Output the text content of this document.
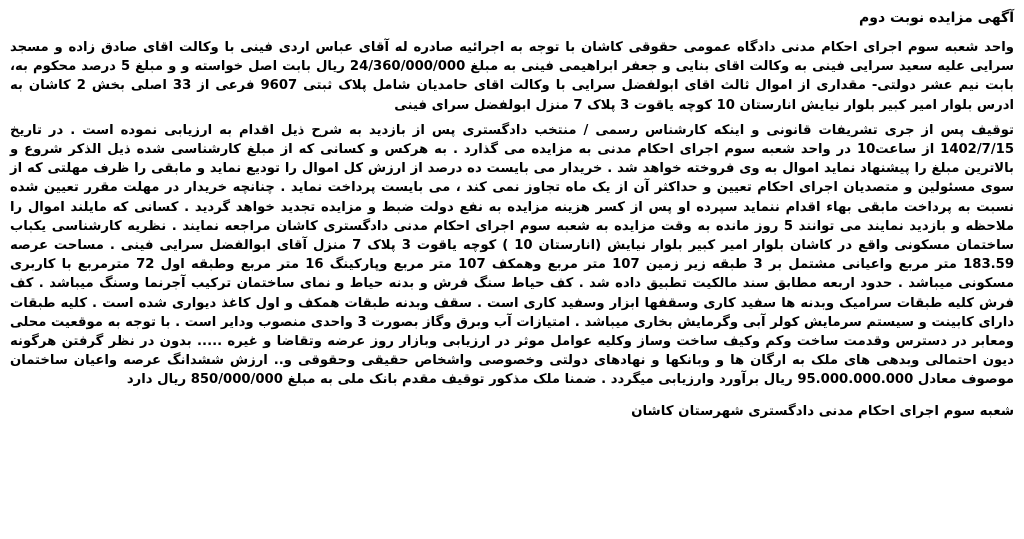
آگهی مزایده نوبت دوم

واحد شعبه سوم اجرای احکام مدنی دادگاه عمومی حقوقی کاشان با توجه به اجرائیه صادره له آقای عباس اردی فینی با وکالت اقای صادق زاده و مسجد سرایی علیه سعید سرایی فینی به وکالت اقای بنایی و جعفر ابراهیمی فینی به مبلغ 24/360/000/000 ریال بابت اصل خواسته و و مبلغ 5 درصد محکوم به، بابت نیم عشر دولتی- مقداری از اموال ثالث اقای ابولفضل سرایی با وکالت اقای حامدیان شامل پلاک ثبتی 9607 فرعی از 33 اصلی بخش 2 کاشان به ادرس بلوار امیر کبیر بلوار نیایش انارستان 10 کوچه یاقوت 3 پلاک 7 منزل ابولفضل سرای فینی

توقیف پس از جری تشریفات قانونی و اینکه کارشناس رسمی / منتخب دادگستری پس از بازدید به شرح ذیل اقدام به ارزیابی نموده است . در تاریخ 1402/7/15 از ساعت10 در واحد شعبه سوم اجرای احکام مدنی به مزایده می گذارد . به هرکس و کسانی که از مبلغ کارشناسی شده ذیل الذکر شروع و بالاترین مبلغ را پیشنهاد نماید اموال به وی فروخته خواهد شد . خریدار می بایست ده درصد از ارزش کل اموال را تودیع نماید و مابقی را ظرف مهلتی که از سوی مسئولین و متصدیان اجرای احکام تعیین و حداکثر آن از یک ماه تجاوز نمی کند ، می بایست پرداخت نماید . چنانچه خریدار در مهلت مقرر تعیین شده نسبت به پرداخت مابقی بهاء اقدام ننماید سپرده او پس از کسر هزینه مزایده به نفع دولت ضبط و مزایده تجدید خواهد گردید . کسانی که مایلند اموال را ملاحظه و بازدید نمایند می توانند 5 روز مانده به وقت مزایده به شعبه سوم اجرای احکام مدنی دادگستری کاشان مراجعه نمایند . نظریه کارشناسی یکباب ساختمان مسکونی واقع در کاشان بلوار امیر کبیر بلوار نیایش (انارستان 10 ) کوچه یاقوت 3 پلاک 7 منزل آقای ابوالفضل سرایی فینی . مساحت عرصه 183.59 متر مربع واعیانی مشتمل بر 3 طبقه زیر زمین 107 متر مربع وهمکف 107 متر مربع وپارکینگ 16 متر مربع وطبقه اول 72 مترمربع با کاربری مسکونی میباشد . حدود اربعه مطابق سند مالکیت تطبیق داده شد . کف حیاط سنگ فرش و بدنه حیاط و نمای ساختمان ترکیب آجرنما وسنگ میباشد . کف فرش کلیه طبقات سرامیک وبدنه ها سفید کاری وسقفها ابزار وسفید کاری است . سقف وبدنه طبقات همکف و اول کاغذ دیواری شده است . کلیه طبقات دارای کابینت و سیستم سرمایش کولر آبی وگرمایش بخاری میباشد . امتیازات آب وبرق وگاز بصورت 3 واحدی منصوب ودایر است . با توجه به موقعیت محلی ومعابر در دسترس وقدمت ساخت وکم وکیف ساخت وساز وکلیه عوامل موثر در ارزیابی وبازار روز عرضه وتقاضا و غیره ..... بدون در نظر گرفتن هرگونه دیون احتمالی وبدهی های ملک به ارگان ها و وبانکها و نهادهای دولتی وخصوصی واشخاص حقیقی وحقوقی و.. ارزش ششدانگ عرصه واعیان ساختمان موصوف معادل 95.000.000.000 ریال برآورد وارزیابی میگردد . ضمنا ملک مذکور توقیف مقدم بانک ملی به مبلغ 850/000/000 ریال دارد

شعبه سوم اجرای احکام مدنی دادگستری شهرستان کاشان
